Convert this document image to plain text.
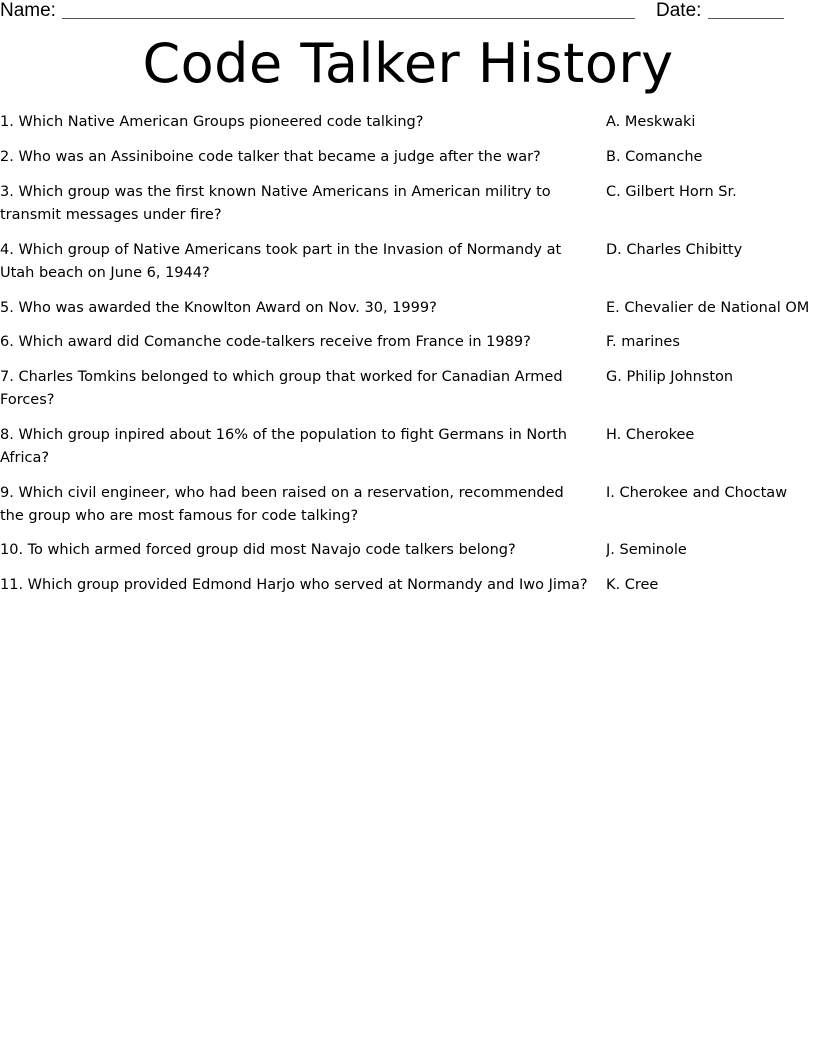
Name:	Date:
Code Talker History
1. Which Native American Groups pioneered code talking?	A. Meskwaki
2. Who was an Assiniboine code talker that became a judge after the war?	B. Comanche
3. Which group was the first known Native Americans in American militry to transmit messages under fire?
C. Gilbert Horn Sr.
4. Which group of Native Americans took part in the Invasion of Normandy at Utah beach on June 6, 1944?
D. Charles Chibitty
5. Who was awarded the Knowlton Award on Nov. 30, 1999?	E. Chevalier de National OM
6. Which award did Comanche code-talkers receive from France in 1989?	F. marines
7. Charles Tomkins belonged to which group that worked for Canadian Armed Forces?
G. Philip Johnston
8. Which group inpired about 16% of the population to fight Germans in North Africa?
H. Cherokee
9. Which civil engineer, who had been raised on a reservation, recommended the group who are most famous for code talking?
I. Cherokee and Choctaw
10. To which armed forced group did most Navajo code talkers belong?	J. Seminole
11. Which group provided Edmond Harjo who served at Normandy and Iwo Jima? K. Cree
